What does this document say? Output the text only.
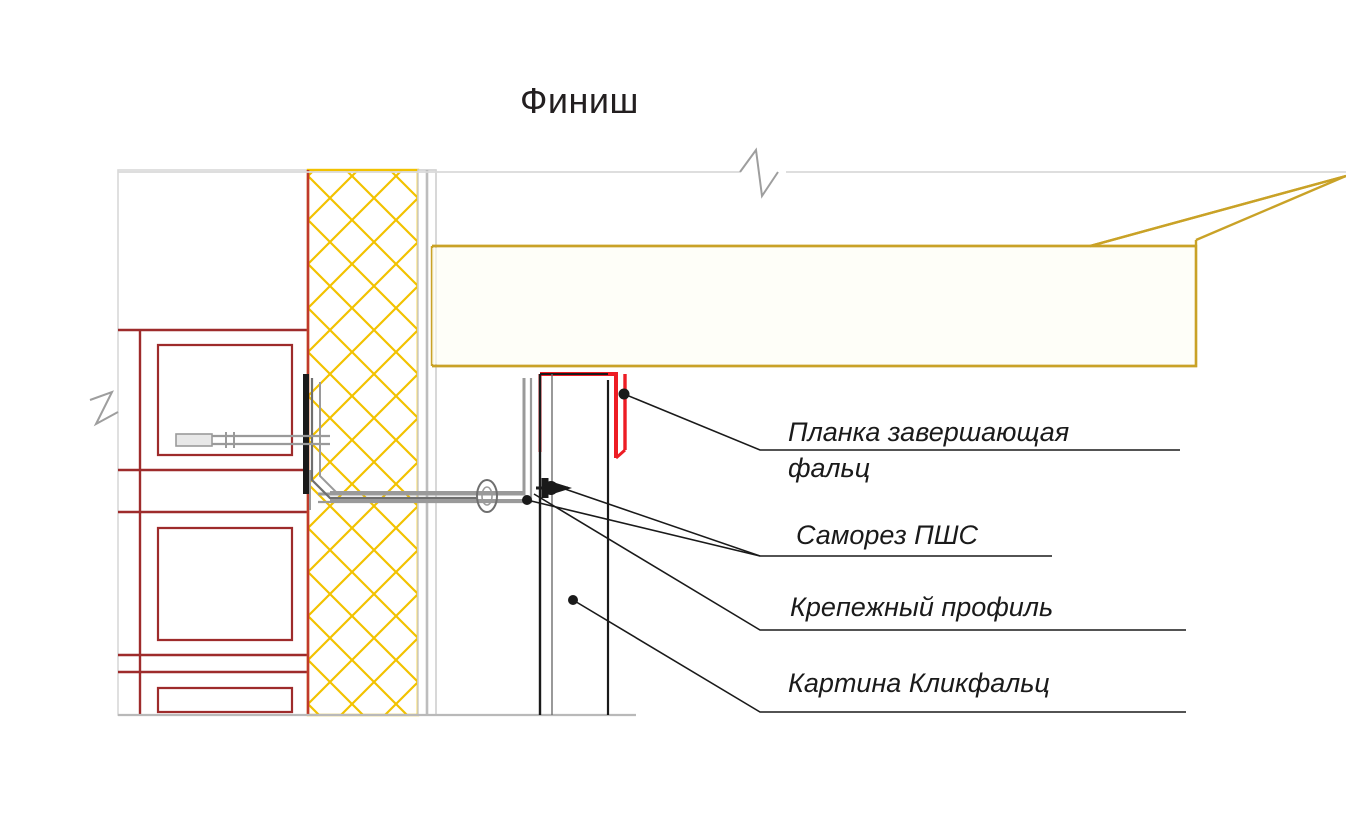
Финиш
Планка завершающая
фальц
Саморез ПШС
Крепежный профиль
Картина Кликфальц
